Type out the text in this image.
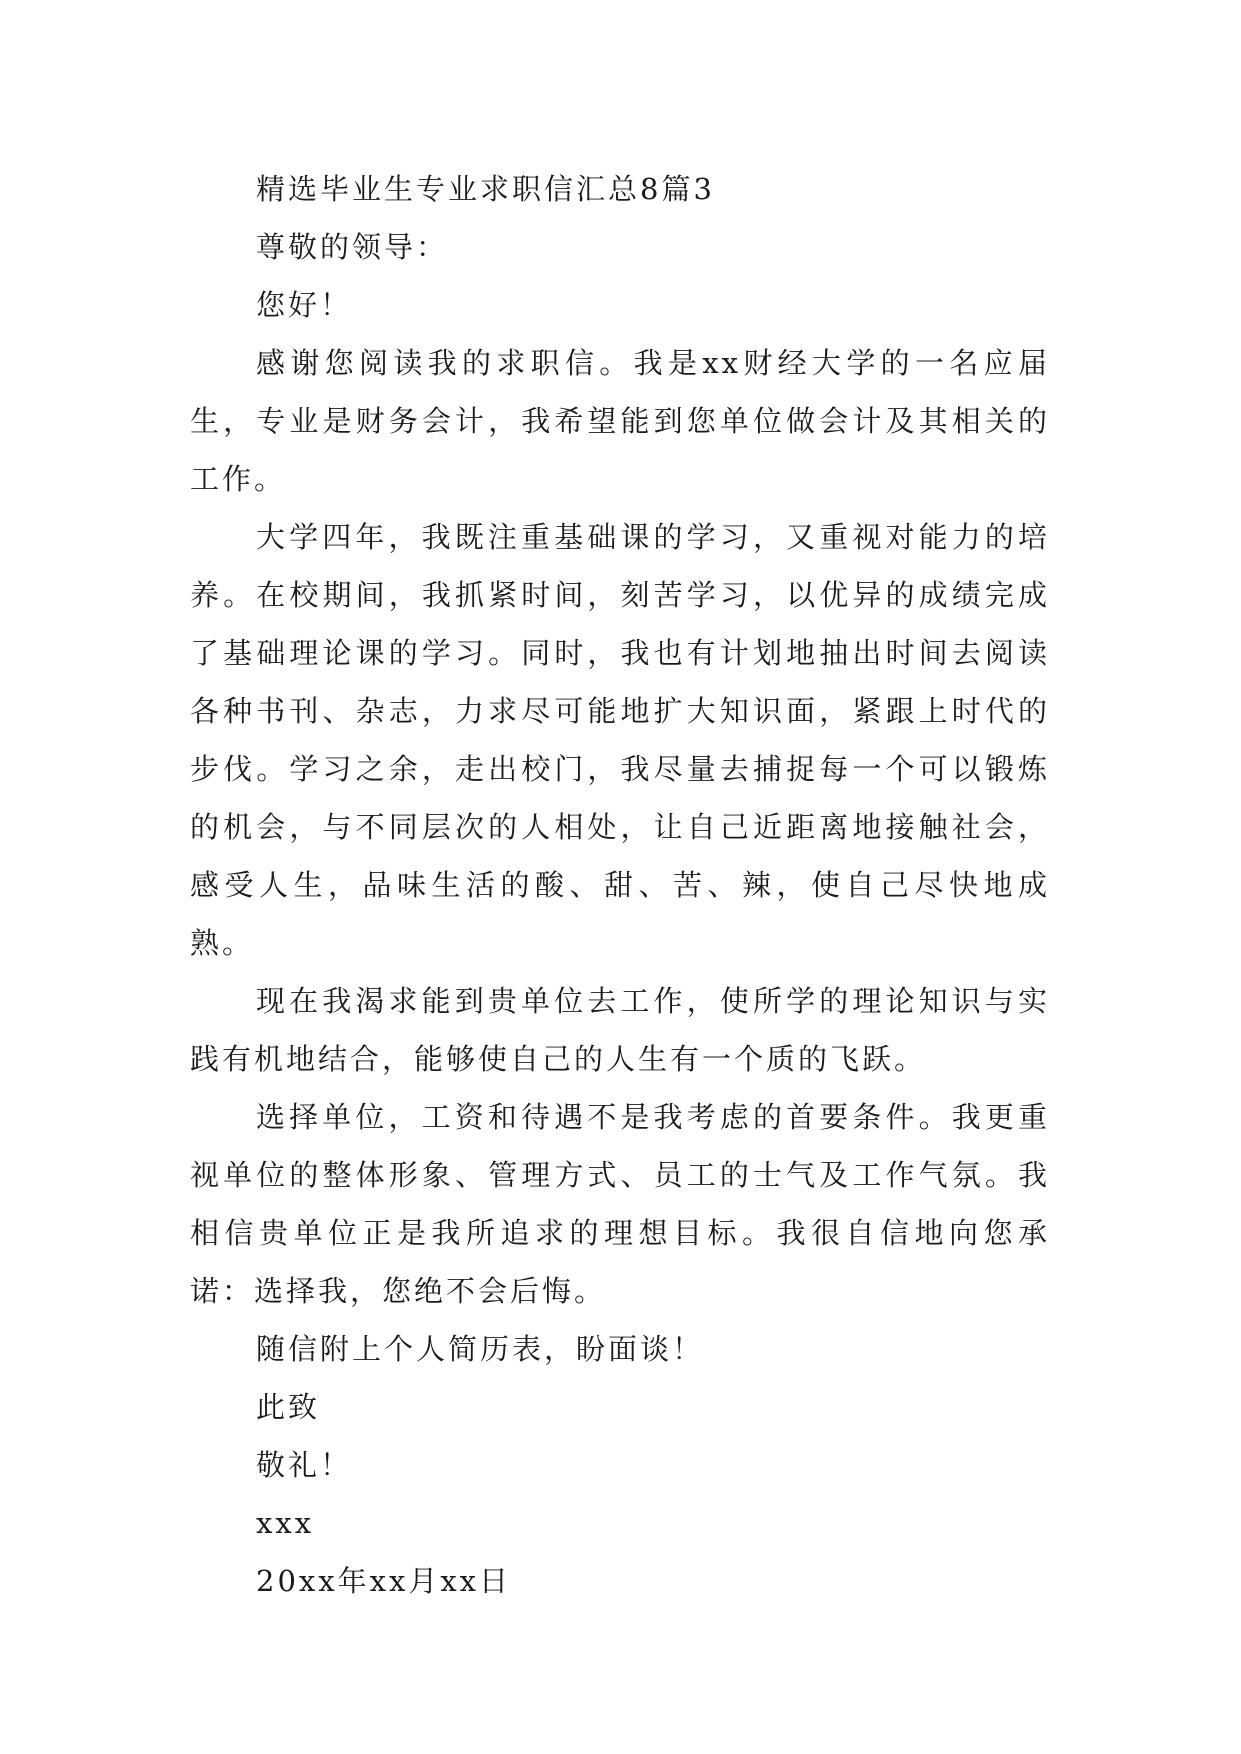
精选毕业生专业求职信汇总8篇3

尊敬的领导：

您好！

感谢您阅读我的求职信。我是xx财经大学的一名应届生，专业是财务会计，我希望能到您单位做会计及其相关的工作。

大学四年，我既注重基础课的学习，又重视对能力的培养。在校期间，我抓紧时间，刻苦学习，以优异的成绩完成了基础理论课的学习。同时，我也有计划地抽出时间去阅读各种书刊、杂志，力求尽可能地扩大知识面，紧跟上时代的步伐。学习之余，走出校门，我尽量去捕捉每一个可以锻炼的机会，与不同层次的人相处，让自己近距离地接触社会，感受人生，品味生活的酸、甜、苦、辣，使自己尽快地成熟。

现在我渴求能到贵单位去工作，使所学的理论知识与实践有机地结合，能够使自己的人生有一个质的飞跃。

选择单位，工资和待遇不是我考虑的首要条件。我更重视单位的整体形象、管理方式、员工的士气及工作气氛。我相信贵单位正是我所追求的理想目标。我很自信地向您承诺：选择我，您绝不会后悔。

随信附上个人简历表，盼面谈！

此致

敬礼！

xxx

20xx年xx月xx日
